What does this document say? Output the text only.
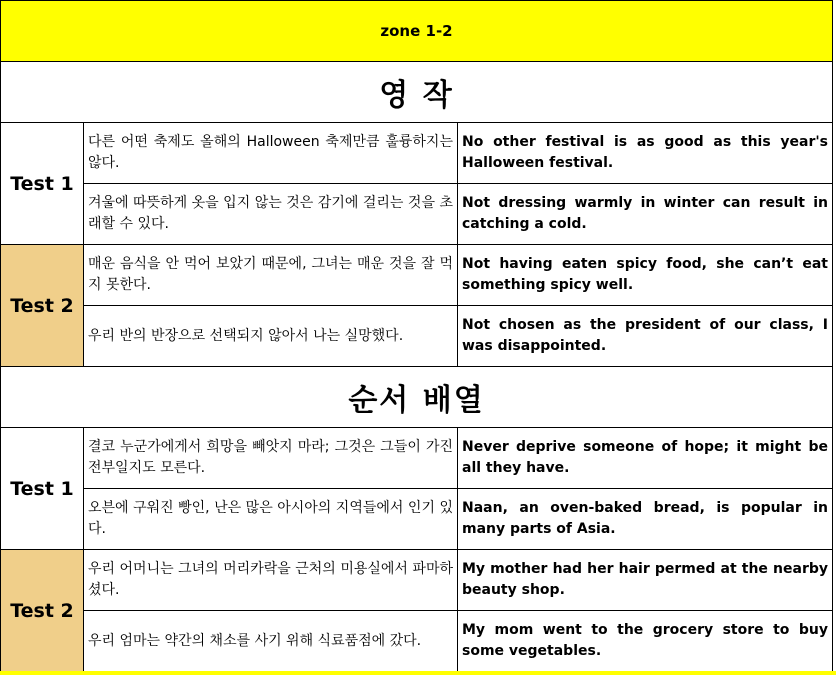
zone 1-2		
영 작		
Test 1	다른 어떤 축제도 올해의 Halloween 축제만큼 훌륭하지는 않다.	No other festival is as good as this year's Halloween festival.
	겨울에 따뜻하게 옷을 입지 않는 것은 감기에 걸리는 것을 초래할 수 있다.	Not dressing warmly in winter can result in catching a cold.
Test 2	매운 음식을 안 먹어 보았기 때문에, 그녀는 매운 것을 잘 먹지 못한다.	Not having eaten spicy food, she can’t eat something spicy well.
	우리 반의 반장으로 선택되지 않아서 나는 실망했다.	Not chosen as the president of our class, I was disappointed.
순서 배열		
Test 1	결코 누군가에게서 희망을 빼앗지 마라; 그것은 그들이 가진 전부일지도 모른다.	Never deprive someone of hope; it might be all they have.
	오븐에 구워진 빵인, 난은 많은 아시아의 지역들에서 인기 있다.	Naan, an oven-baked bread, is popular in many parts of Asia.
Test 2	우리 어머니는 그녀의 머리카락을 근처의 미용실에서 파마하셨다.	My mother had her hair permed at the nearby beauty shop.
	우리 엄마는 약간의 채소를 사기 위해 식료품점에 갔다.	My mom went to the grocery store to buy some vegetables.
